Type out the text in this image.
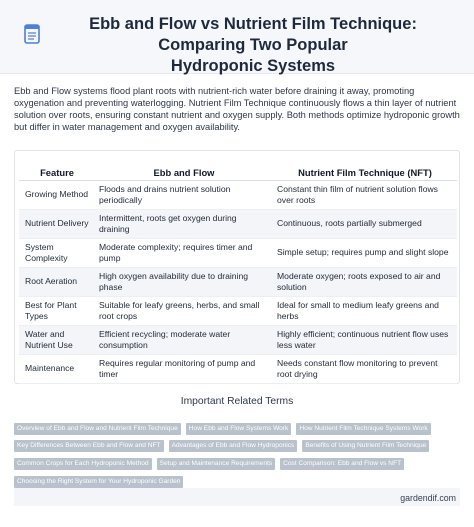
Ebb and Flow vs Nutrient Film Technique: Comparing Two Popular
Hydroponic Systems

Ebb and Flow systems flood plant roots with nutrient-rich water before draining it away, promoting oxygenation and preventing waterlogging. Nutrient Film Technique continuously flows a thin layer of nutrient solution over roots, ensuring constant nutrient and oxygen supply. Both methods optimize hydroponic growth but differ in water management and oxygen availability.

Feature	Ebb and Flow	Nutrient Film Technique (NFT)
Growing Method	Floods and drains nutrient solution periodically	Constant thin film of nutrient solution flows over roots
Nutrient Delivery	Intermittent, roots get oxygen during draining	Continuous, roots partially submerged
System Complexity	Moderate complexity; requires timer and pump	Simple setup; requires pump and slight slope
Root Aeration	High oxygen availability due to draining phase	Moderate oxygen; roots exposed to air and solution
Best for Plant Types	Suitable for leafy greens, herbs, and small root crops	Ideal for small to medium leafy greens and herbs
Water and Nutrient Use	Efficient recycling; moderate water consumption	Highly efficient; continuous nutrient flow uses less water
Maintenance	Requires regular monitoring of pump and timer	Needs constant flow monitoring to prevent root drying
Important Related Terms
Overview of Ebb and Flow and Nutrient Film Technique How Ebb and Flow Systems Work How Nutrient Film Technique Systems Work
Key Differences Between Ebb and Flow and NFT Advantages of Ebb and Flow Hydroponics Benefits of Using Nutrient Film Technique
Common Crops for Each Hydroponic Method Setup and Maintenance Requirements Cost Comparison: Ebb and Flow vs NFT
Choosing the Right System for Your Hydroponic Garden
gardendif.com
